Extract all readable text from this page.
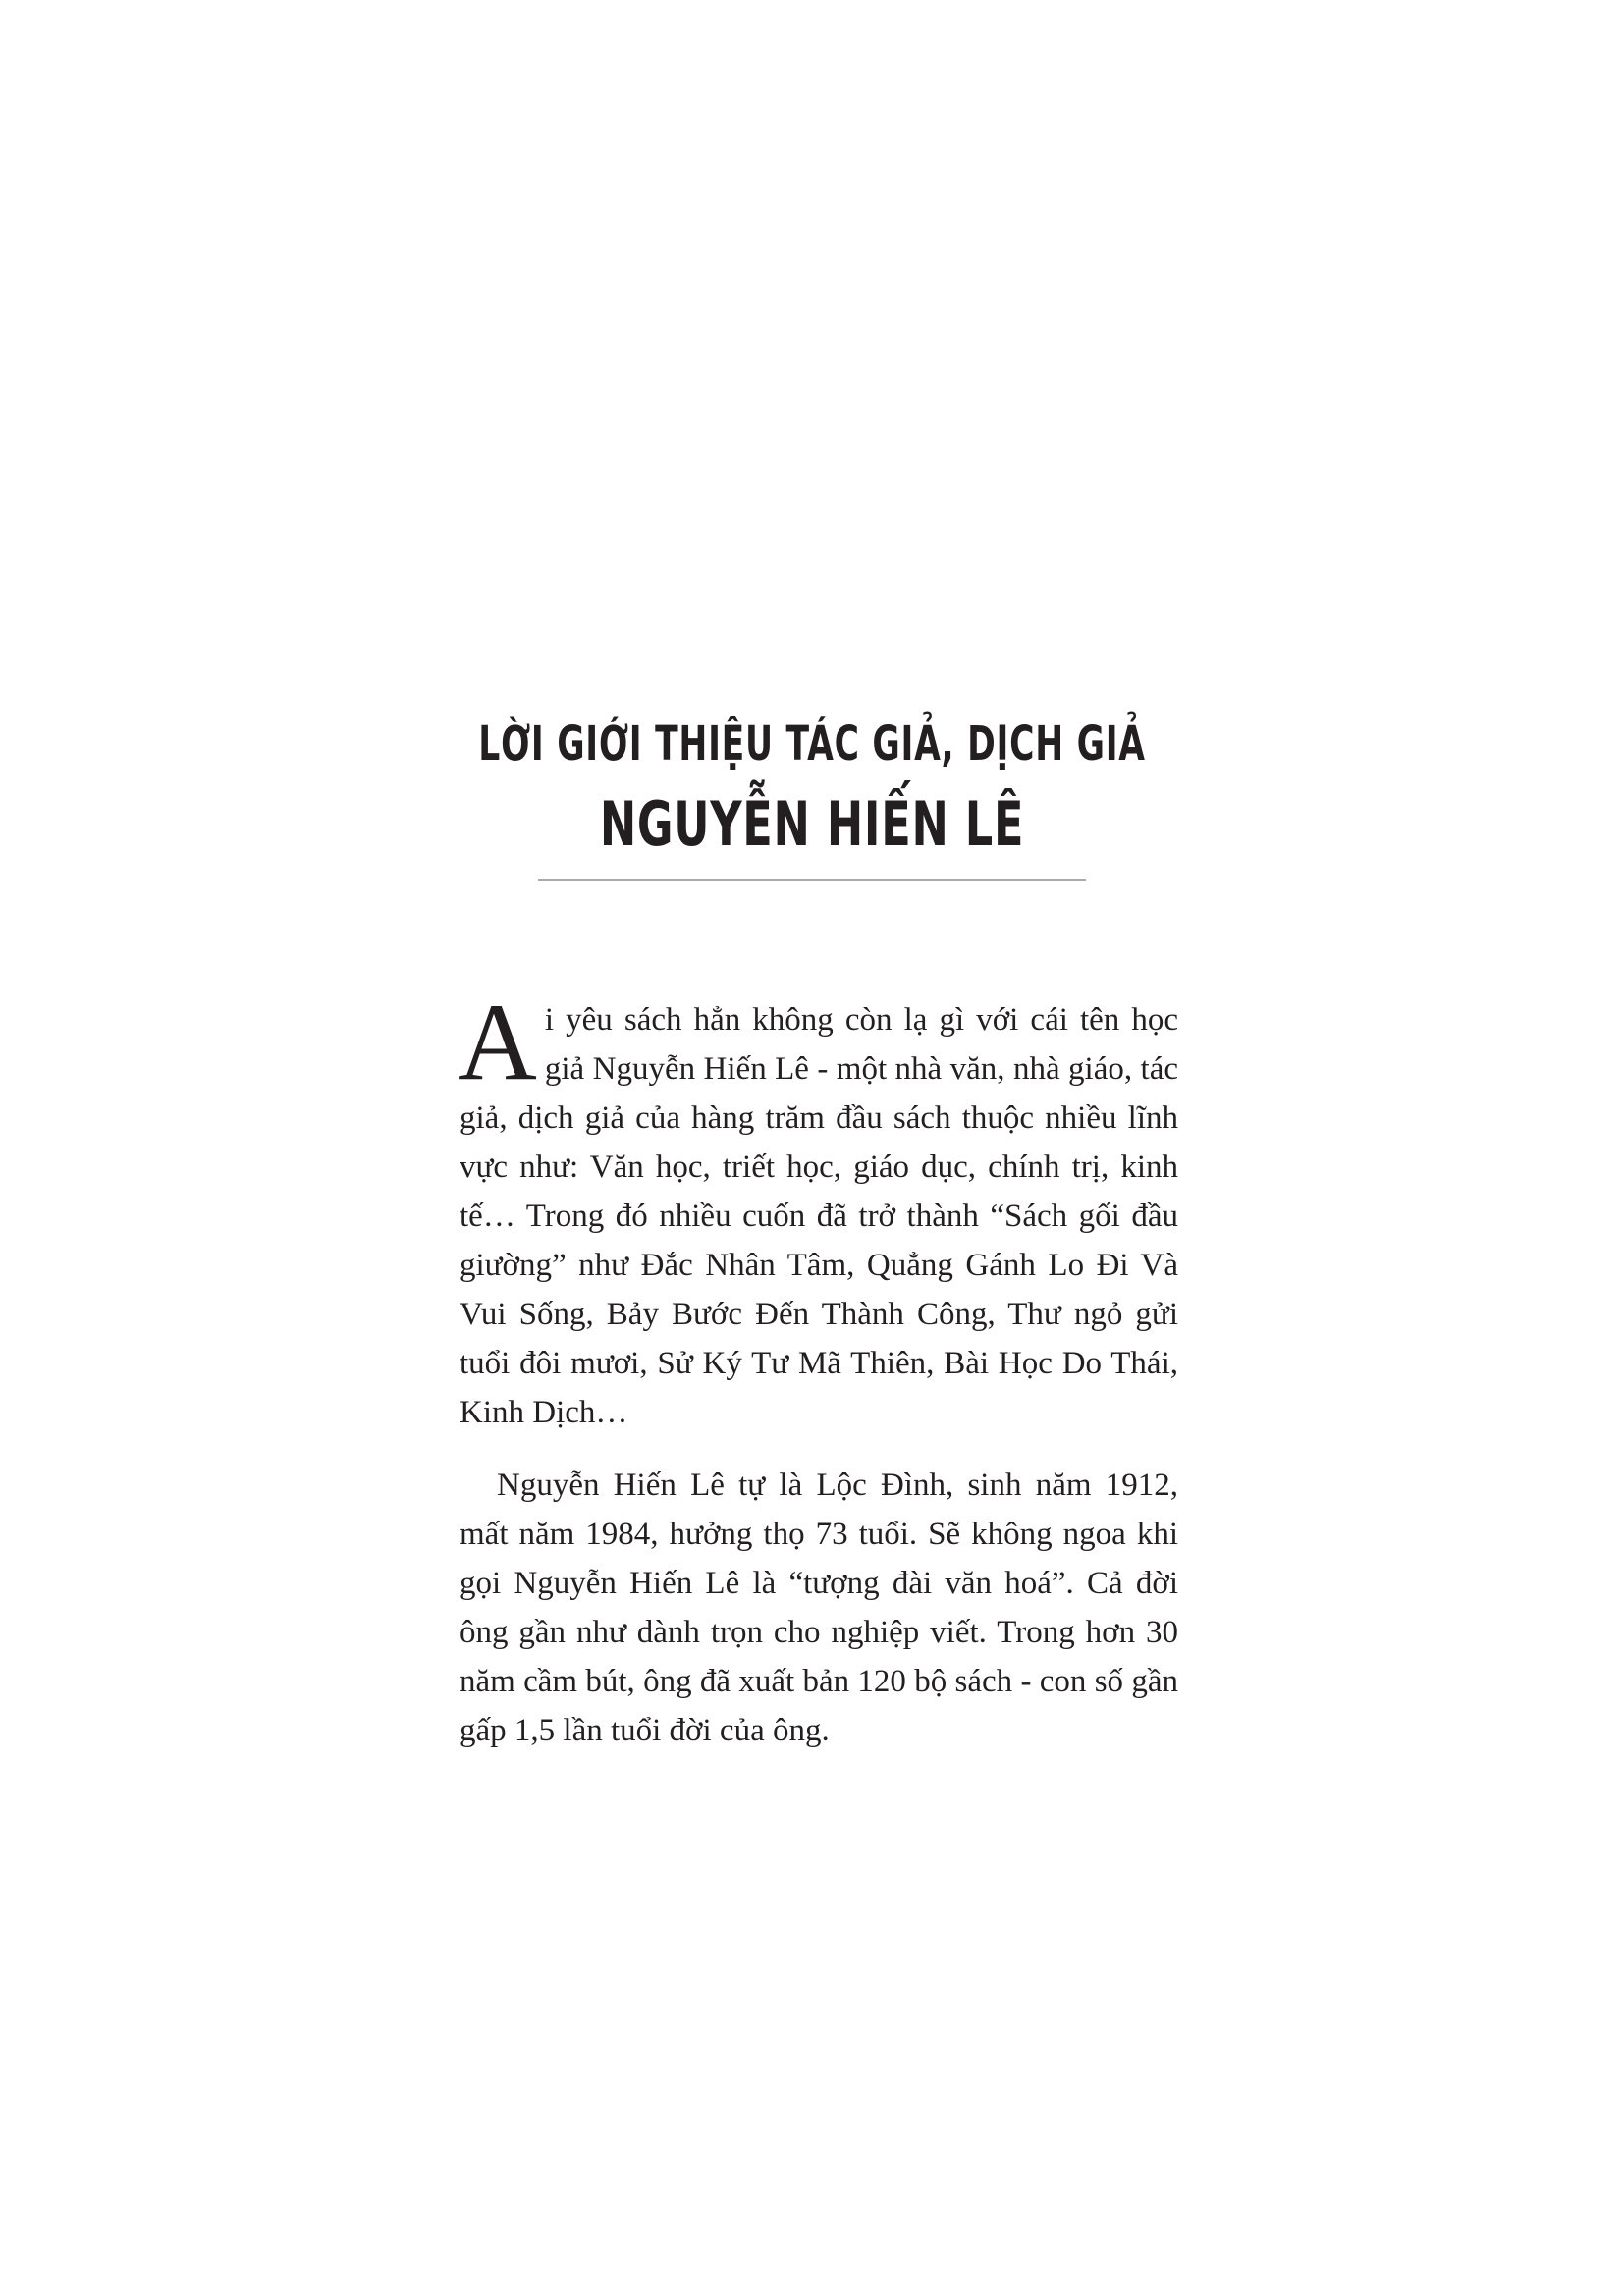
LỜI GIỚI THIỆU TÁC GIẢ, DỊCH GIẢ
NGUYỄN HIẾN LÊ

Ai yêu sách hẳn không còn lạ gì với cái tên học giả Nguyễn Hiến Lê - một nhà văn, nhà giáo, tác giả, dịch giả của hàng trăm đầu sách thuộc nhiều lĩnh vực như: Văn học, triết học, giáo dục, chính trị, kinh tế… Trong đó nhiều cuốn đã trở thành “Sách gối đầu giường” như Đắc Nhân Tâm, Quẳng Gánh Lo Đi Và Vui Sống, Bảy Bước Đến Thành Công, Thư ngỏ gửi tuổi đôi mươi, Sử Ký Tư Mã Thiên, Bài Học Do Thái, Kinh Dịch…

Nguyễn Hiến Lê tự là Lộc Đình, sinh năm 1912, mất năm 1984, hưởng thọ 73 tuổi. Sẽ không ngoa khi gọi Nguyễn Hiến Lê là “tượng đài văn hoá”. Cả đời ông gần như dành trọn cho nghiệp viết. Trong hơn 30 năm cầm bút, ông đã xuất bản 120 bộ sách - con số gần gấp 1,5 lần tuổi đời của ông.
